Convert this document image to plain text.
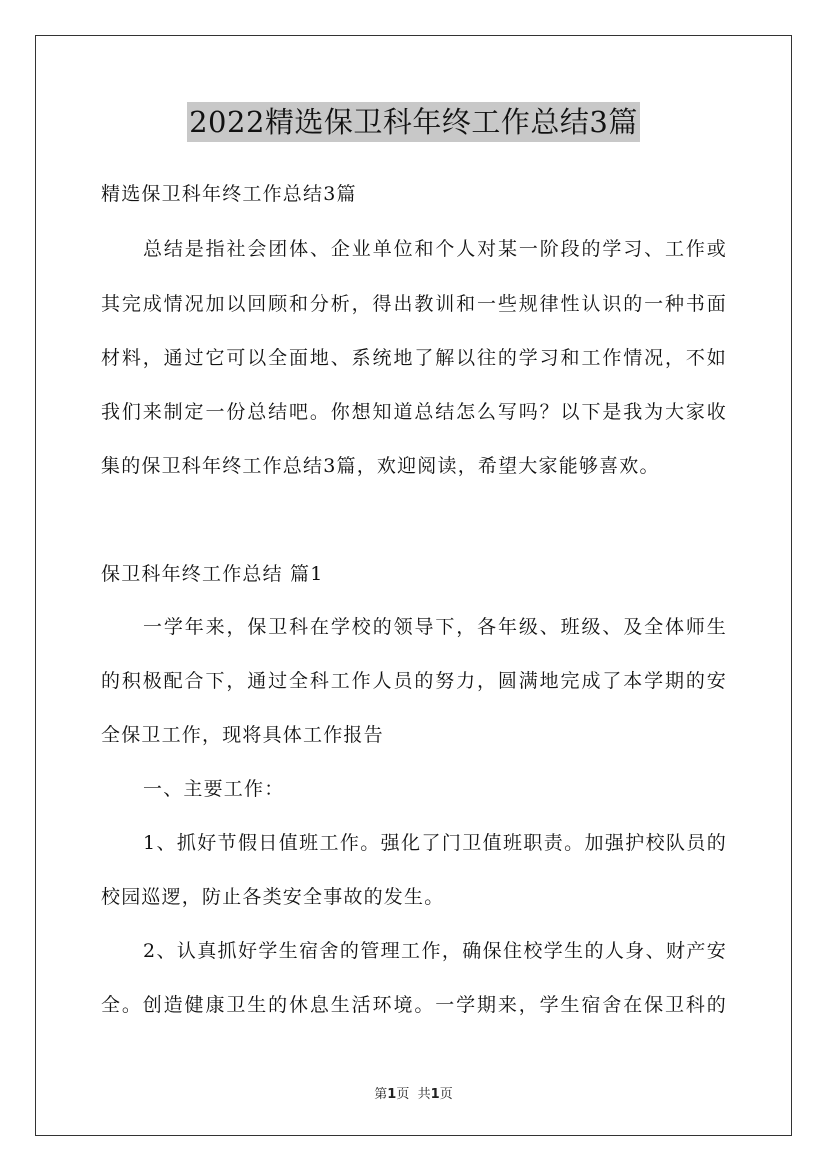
2022精选保卫科年终工作总结3篇
精选保卫科年终工作总结3篇
总结是指社会团体、企业单位和个人对某一阶段的学习、工作或
其完成情况加以回顾和分析，得出教训和一些规律性认识的一种书面
材料，通过它可以全面地、系统地了解以往的学习和工作情况，不如
我们来制定一份总结吧。你想知道总结怎么写吗？以下是我为大家收
集的保卫科年终工作总结3篇，欢迎阅读，希望大家能够喜欢。
保卫科年终工作总结 篇1
一学年来，保卫科在学校的领导下，各年级、班级、及全体师生
的积极配合下，通过全科工作人员的努力，圆满地完成了本学期的安
全保卫工作，现将具体工作报告
一、主要工作：
1、抓好节假日值班工作。强化了门卫值班职责。加强护校队员的
校园巡逻，防止各类安全事故的发生。
2、认真抓好学生宿舍的管理工作，确保住校学生的人身、财产安
全。创造健康卫生的休息生活环境。一学期来，学生宿舍在保卫科的
第1页 共1页
